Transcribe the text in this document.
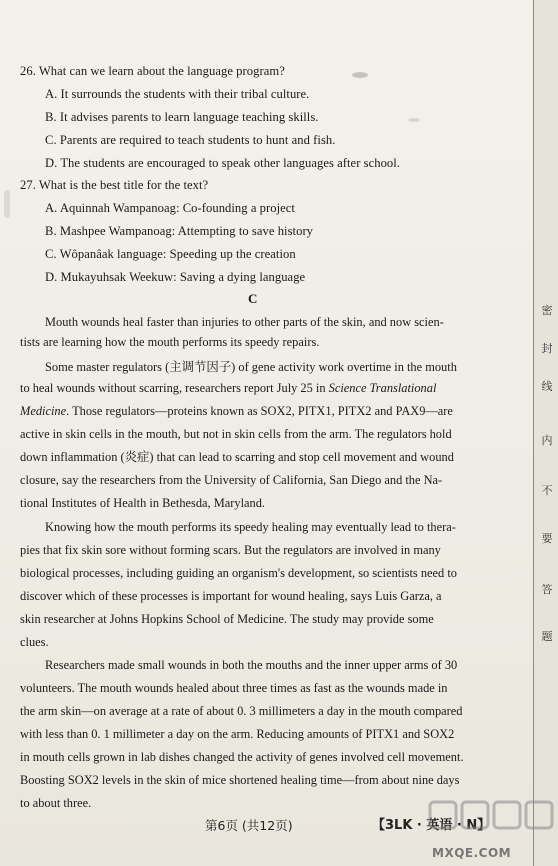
26. What can we learn about the language program?
A. It surrounds the students with their tribal culture.
B. It advises parents to learn language teaching skills.
C. Parents are required to teach students to hunt and fish.
D. The students are encouraged to speak other languages after school.
27. What is the best title for the text?
A. Aquinnah Wampanoag: Co-founding a project
B. Mashpee Wampanoag: Attempting to save history
C. Wôpanâak language: Speeding up the creation
D. Mukayuhsak Weekuw: Saving a dying language
C
Mouth wounds heal faster than injuries to other parts of the skin, and now scien-
tists are learning how the mouth performs its speedy repairs.
Some master regulators (主调节因子) of gene activity work overtime in the mouth
to heal wounds without scarring, researchers report July 25 in Science Translational
Medicine. Those regulators—proteins known as SOX2, PITX1, PITX2 and PAX9—are
active in skin cells in the mouth, but not in skin cells from the arm. The regulators hold
down inflammation (炎症) that can lead to scarring and stop cell movement and wound
closure, say the researchers from the University of California, San Diego and the Na-
tional Institutes of Health in Bethesda, Maryland.
Knowing how the mouth performs its speedy healing may eventually lead to thera-
pies that fix skin sore without forming scars. But the regulators are involved in many
biological processes, including guiding an organism's development, so scientists need to
discover which of these processes is important for wound healing, says Luis Garza, a
skin researcher at Johns Hopkins School of Medicine. The study may provide some
clues.
Researchers made small wounds in both the mouths and the inner upper arms of 30
volunteers. The mouth wounds healed about three times as fast as the wounds made in
the arm skin—on average at a rate of about 0. 3 millimeters a day in the mouth compared
with less than 0. 1 millimeter a day on the arm. Reducing amounts of PITX1 and SOX2
in mouth cells grown in lab dishes changed the activity of genes involved cell movement.
Boosting SOX2 levels in the skin of mice shortened healing time—from about nine days
to about three.
密
封
线
内
不
要
答
题
第6页 (共12页)	【3LK · 英语 · N】
MXQE.COM
